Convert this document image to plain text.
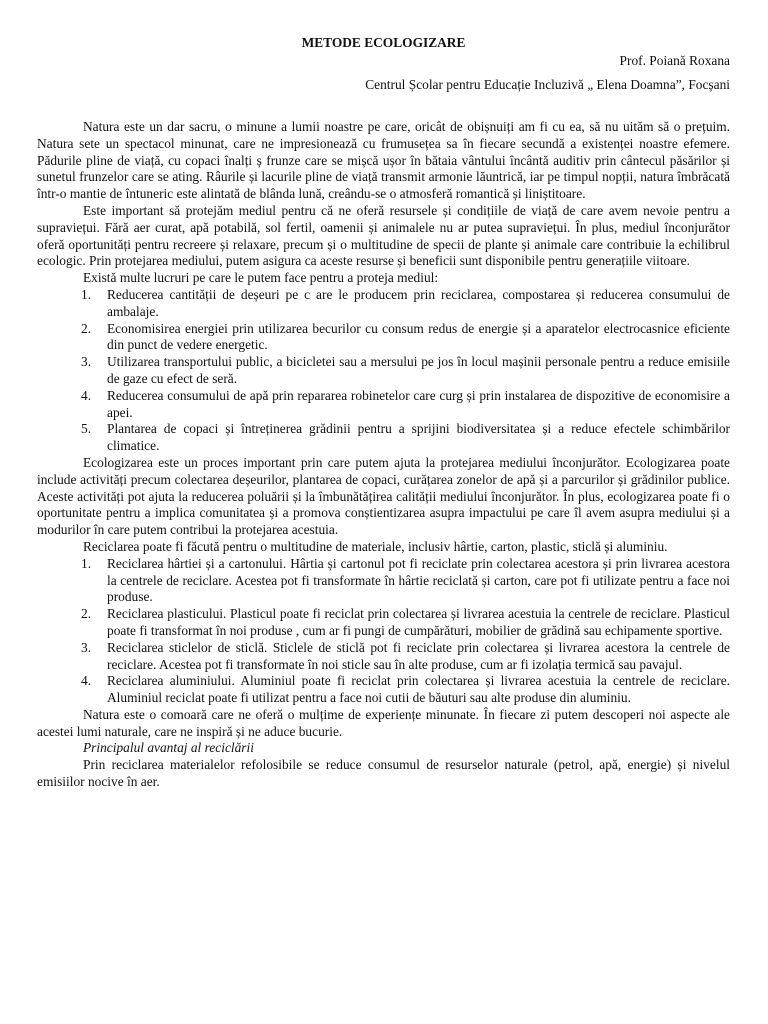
METODE ECOLOGIZARE
Prof. Poiană Roxana
Centrul Școlar pentru Educație Incluzivă „ Elena Doamna”, Focșani

Natura este un dar sacru, o minune a lumii noastre pe care, oricât de obișnuiți am fi cu ea, să nu uităm să o prețuim. Natura sete un spectacol minunat, care ne impresionează cu frumusețea sa în fiecare secundă a existenței noastre efemere. Pădurile pline de viață, cu copaci înalți ș frunze care se mișcă ușor în bătaia vântului încântă auditiv prin cântecul păsărilor și sunetul frunzelor care se ating. Râurile și lacurile pline de viață transmit armonie lăuntrică, iar pe timpul nopții, natura îmbrăcată într-o mantie de întuneric este alintată de blânda lună, creându-se o atmosferă romantică și liniștitoare.

Este important să protejăm mediul pentru că ne oferă resursele și condițiile de viață de care avem nevoie pentru a supraviețui. Fără aer curat, apă potabilă, sol fertil, oamenii și animalele nu ar putea supraviețui. În plus, mediul înconjurător oferă oportunități pentru recreere și relaxare, precum și o multitudine de specii de plante și animale care contribuie la echilibrul ecologic. Prin protejarea mediului, putem asigura ca aceste resurse și beneficii sunt disponibile pentru generațiile viitoare.

Există multe lucruri pe care le putem face pentru a proteja mediul:

1. Reducerea cantității de deșeuri pe c are le producem prin reciclarea, compostarea și reducerea consumului de ambalaje.
2. Economisirea energiei prin utilizarea becurilor cu consum redus de energie și a aparatelor electrocasnice eficiente din punct de vedere energetic.
3. Utilizarea transportului public, a bicicletei sau a mersului pe jos în locul mașinii personale pentru a reduce emisiile de gaze cu efect de seră.
4. Reducerea consumului de apă prin repararea robinetelor care curg și prin instalarea de dispozitive de economisire a apei.
5. Plantarea de copaci și întreținerea grădinii pentru a sprijini biodiversitatea și a reduce efectele schimbărilor climatice.

Ecologizarea este un proces important prin care putem ajuta la protejarea mediului înconjurător. Ecologizarea poate include activități precum colectarea deșeurilor, plantarea de copaci, curățarea zonelor de apă și a parcurilor și grădinilor publice. Aceste activități pot ajuta la reducerea poluării și la îmbunătățirea calității mediului înconjurător. În plus, ecologizarea poate fi o oportunitate pentru a implica comunitatea și a promova conștientizarea asupra impactului pe care îl avem asupra mediului și a modurilor în care putem contribui la protejarea acestuia.

Reciclarea poate fi făcută pentru o multitudine de materiale, inclusiv hârtie, carton, plastic, sticlă și aluminiu.

1. Reciclarea hârtiei și a cartonului. Hârtia și cartonul pot fi reciclate prin colectarea acestora și prin livrarea acestora la centrele de reciclare. Acestea pot fi transformate în hârtie reciclată și carton, care pot fi utilizate pentru a face noi produse.
2. Reciclarea plasticului. Plasticul poate fi reciclat prin colectarea și livrarea acestuia la centrele de reciclare. Plasticul poate fi transformat în noi produse , cum ar fi pungi de cumpărături, mobilier de grădină sau echipamente sportive.
3. Reciclarea sticlelor de sticlă. Sticlele de sticlă pot fi reciclate prin colectarea și livrarea acestora la centrele de reciclare. Acestea pot fi transformate în noi sticle sau în alte produse, cum ar fi izolația termică sau pavajul.
4. Reciclarea aluminiului. Aluminiul poate fi reciclat prin colectarea și livrarea acestuia la centrele de reciclare. Aluminiul reciclat poate fi utilizat pentru a face noi cutii de băuturi sau alte produse din aluminiu.

Natura este o comoară care ne oferă o mulțime de experiențe minunate. În fiecare zi putem descoperi noi aspecte ale acestei lumi naturale, care ne inspiră și ne aduce bucurie.

Principalul avantaj al reciclării

Prin reciclarea materialelor refolosibile se reduce consumul de resurselor naturale (petrol, apă, energie) și nivelul emisiilor nocive în aer.
